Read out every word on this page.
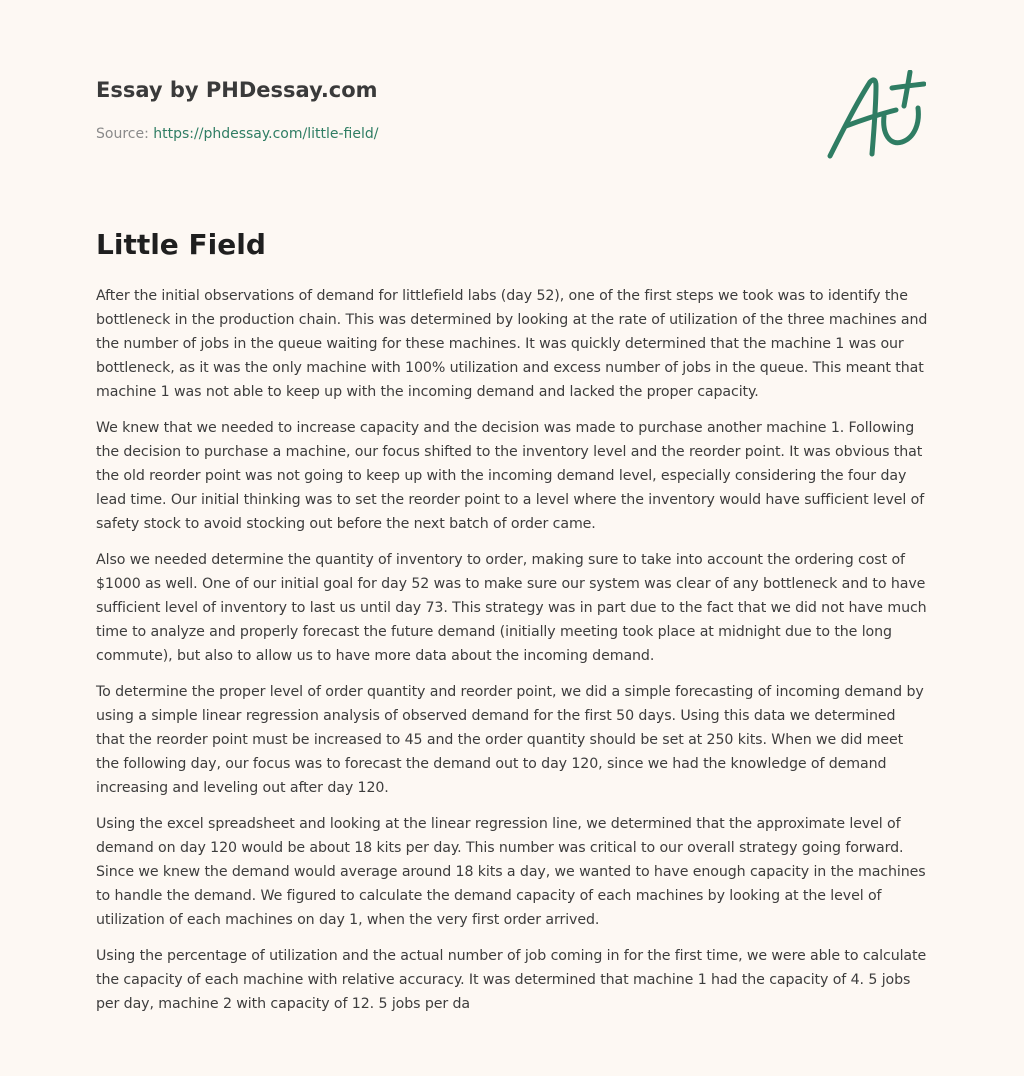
Essay by PHDessay.com
Source: https://phdessay.com/little-field/
Little Field

After the initial observations of demand for littlefield labs (day 52), one of the first steps we took was to identify the bottleneck in the production chain. This was determined by looking at the rate of utilization of the three machines and the number of jobs in the queue waiting for these machines. It was quickly determined that the machine 1 was our bottleneck, as it was the only machine with 100% utilization and excess number of jobs in the queue. This meant that machine 1 was not able to keep up with the incoming demand and lacked the proper capacity.

We knew that we needed to increase capacity and the decision was made to purchase another machine 1. Following the decision to purchase a machine, our focus shifted to the inventory level and the reorder point. It was obvious that the old reorder point was not going to keep up with the incoming demand level, especially considering the four day lead time. Our initial thinking was to set the reorder point to a level where the inventory would have sufficient level of safety stock to avoid stocking out before the next batch of order came.

Also we needed determine the quantity of inventory to order, making sure to take into account the ordering cost of $1000 as well. One of our initial goal for day 52 was to make sure our system was clear of any bottleneck and to have sufficient level of inventory to last us until day 73. This strategy was in part due to the fact that we did not have much time to analyze and properly forecast the future demand (initially meeting took place at midnight due to the long commute), but also to allow us to have more data about the incoming demand.

To determine the proper level of order quantity and reorder point, we did a simple forecasting of incoming demand by using a simple linear regression analysis of observed demand for the first 50 days. Using this data we determined that the reorder point must be increased to 45 and the order quantity should be set at 250 kits. When we did meet the following day, our focus was to forecast the demand out to day 120, since we had the knowledge of demand increasing and leveling out after day 120.

Using the excel spreadsheet and looking at the linear regression line, we determined that the approximate level of demand on day 120 would be about 18 kits per day. This number was critical to our overall strategy going forward. Since we knew the demand would average around 18 kits a day, we wanted to have enough capacity in the machines to handle the demand. We figured to calculate the demand capacity of each machines by looking at the level of utilization of each machines on day 1, when the very first order arrived.

Using the percentage of utilization and the actual number of job coming in for the first time, we were able to calculate the capacity of each machine with relative accuracy. It was determined that machine 1 had the capacity of 4. 5 jobs per day, machine 2 with capacity of 12. 5 jobs per da
